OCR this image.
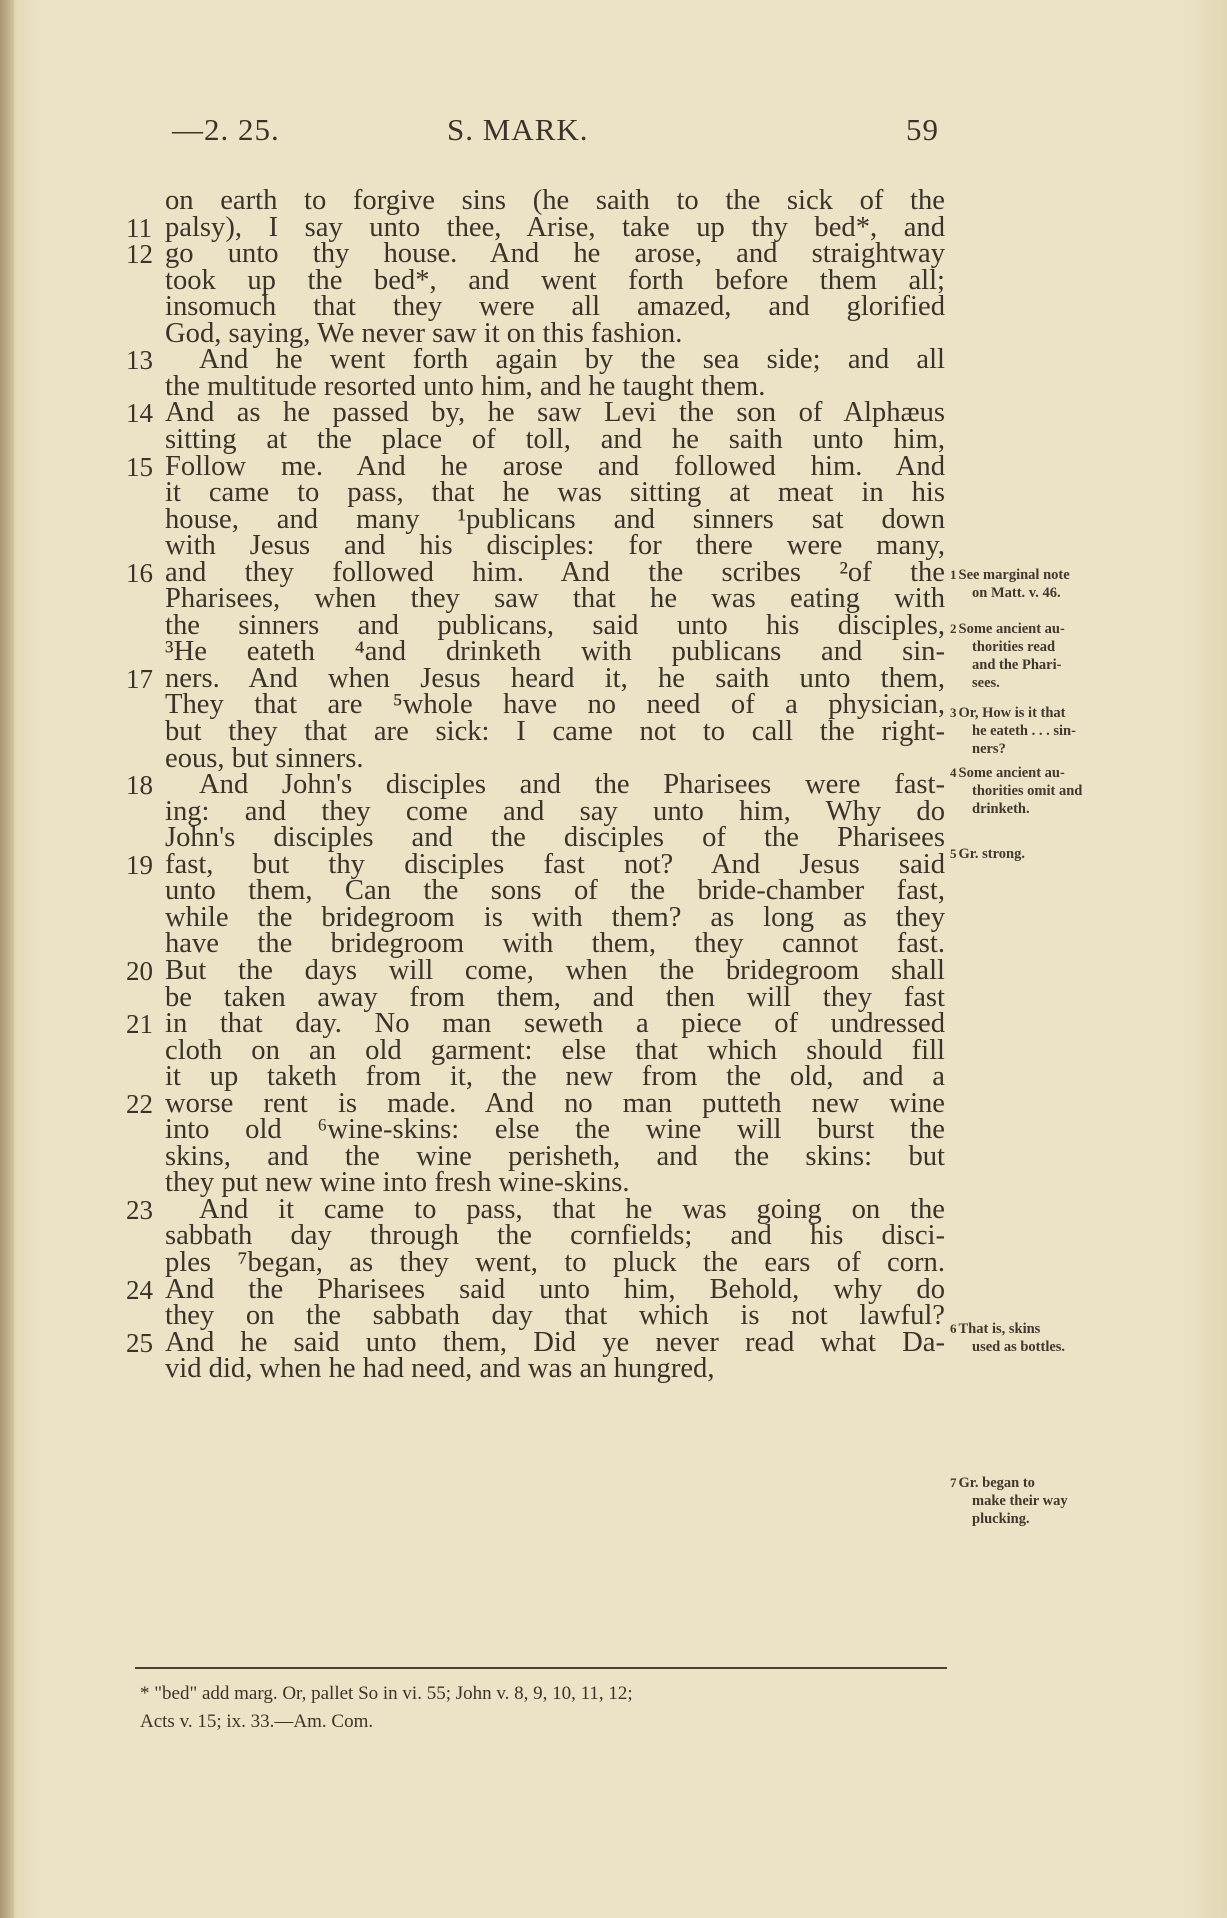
—2. 25.	S. MARK.	59
on earth to forgive sins (he saith to the sick of the
11 palsy), I say unto thee, Arise, take up thy bed*, and
12 go unto thy house. And he arose, and straightway
took up the bed*, and went forth before them all;
insomuch that they were all amazed, and glorified
God, saying, We never saw it on this fashion.
13	And he went forth again by the sea side; and all
the multitude resorted unto him, and he taught them.
14 And as he passed by, he saw Levi the son of Alphæus
sitting at the place of toll, and he saith unto him,
15 Follow me. And he arose and followed him. And
it came to pass, that he was sitting at meat in his
house, and many ¹publicans and sinners sat down
with Jesus and his disciples: for there were many,
16 and they followed him. And the scribes ²of the
Pharisees, when they saw that he was eating with
the sinners and publicans, said unto his disciples,
³He eateth ⁴and drinketh with publicans and sin-
17 ners. And when Jesus heard it, he saith unto them,
They that are ⁵whole have no need of a physician,
but they that are sick: I came not to call the right-
eous, but sinners.
18	And John's disciples and the Pharisees were fast-
ing: and they come and say unto him, Why do
John's disciples and the disciples of the Pharisees
19 fast, but thy disciples fast not? And Jesus said
unto them, Can the sons of the bride-chamber fast,
while the bridegroom is with them? as long as they
have the bridegroom with them, they cannot fast.
20 But the days will come, when the bridegroom shall
be taken away from them, and then will they fast
21 in that day. No man seweth a piece of undressed
cloth on an old garment: else that which should fill
it up taketh from it, the new from the old, and a
22 worse rent is made. And no man putteth new wine
into old ⁶wine-skins: else the wine will burst the
skins, and the wine perisheth, and the skins: but
they put new wine into fresh wine-skins.
23	And it came to pass, that he was going on the
sabbath day through the cornfields; and his disci-
ples ⁷began, as they went, to pluck the ears of corn.
24 And the Pharisees said unto him, Behold, why do
they on the sabbath day that which is not lawful?
25 And he said unto them, Did ye never read what Da-
vid did, when he had need, and was an hungred,
1 See marginal note
on Matt. v. 46.
2 Some ancient au-
thorities read
and the Phari-
sees.
3 Or, How is it that
he eateth . . . sin-
ners?
4 Some ancient au-
thorities omit and
drinketh.
5 Gr. strong.
6 That is, skins
used as bottles.
7 Gr. began to
make their way
plucking.
* "bed" add marg. Or, pallet So in vi. 55; John v. 8, 9, 10, 11, 12;
Acts v. 15; ix. 33.—Am. Com.
